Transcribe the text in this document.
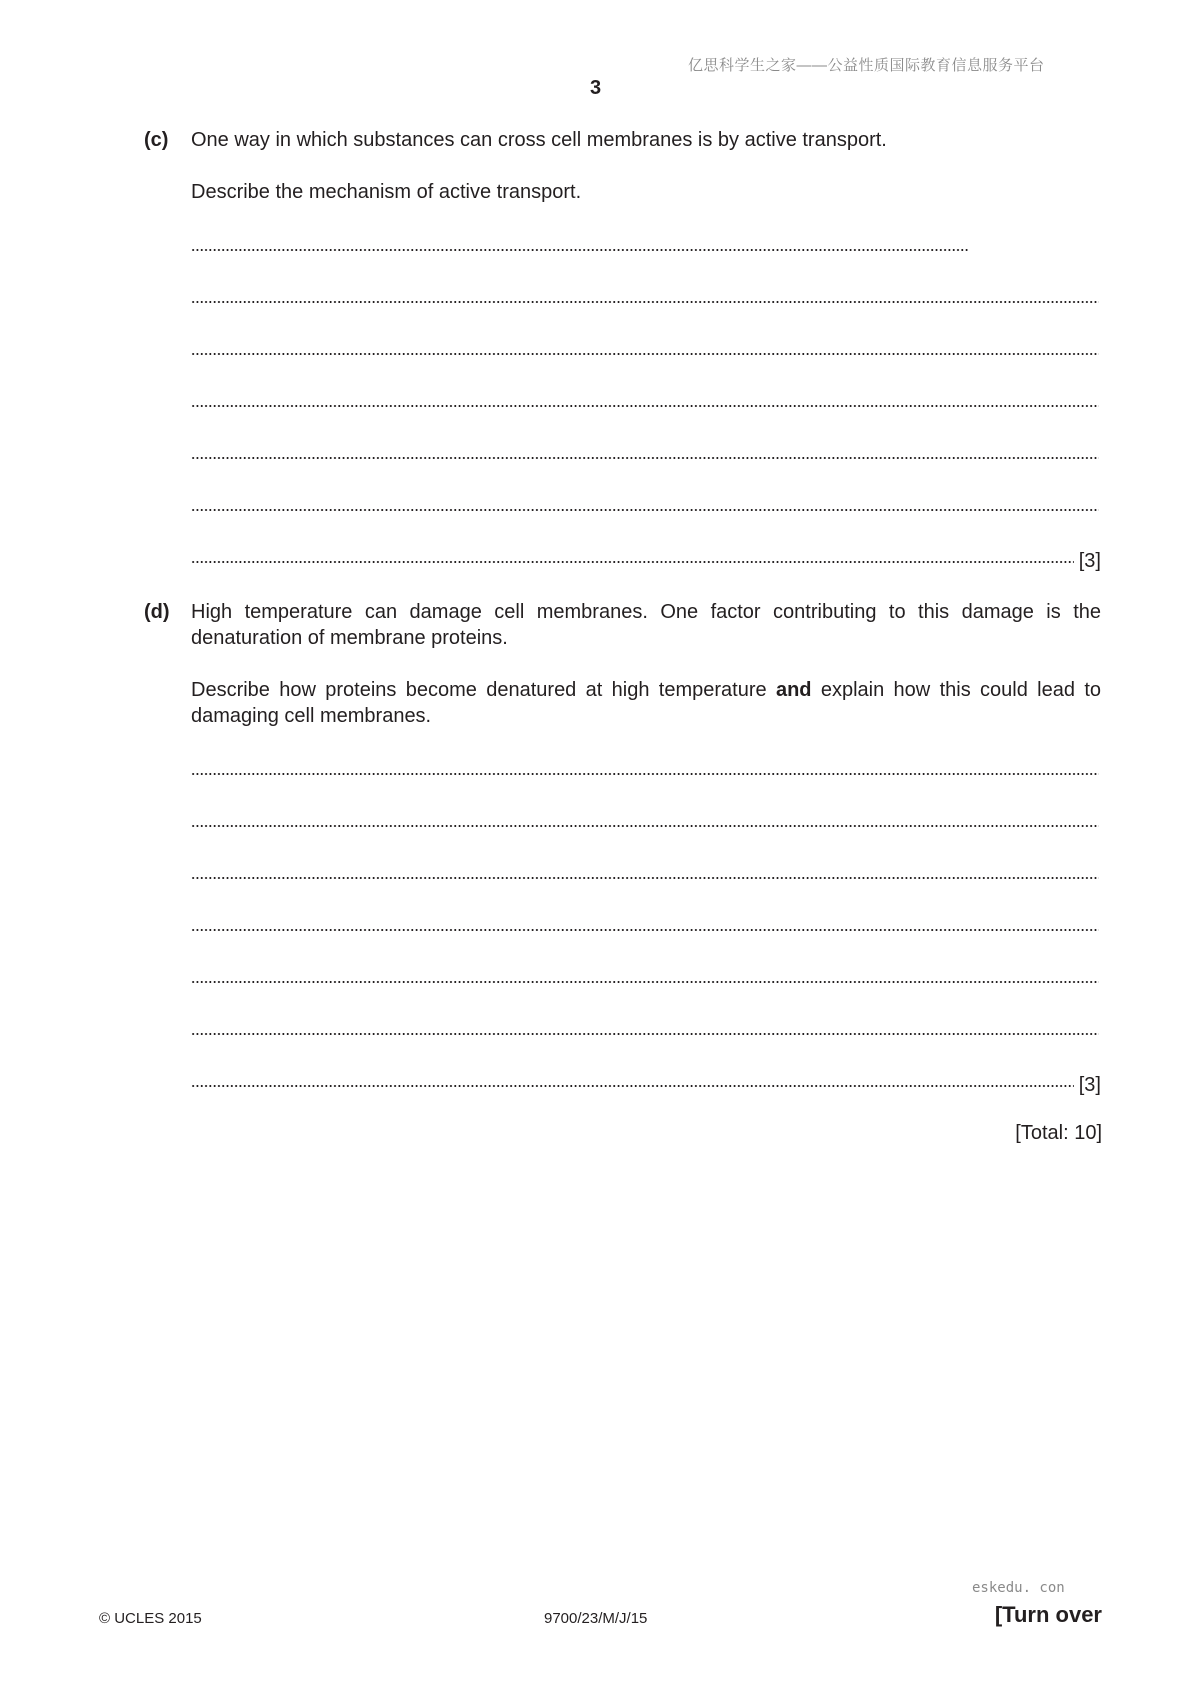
亿思科学生之家——公益性质国际教育信息服务平台
3
(c) One way in which substances can cross cell membranes is by active transport.

Describe the mechanism of active transport.

[3]
(d) High temperature can damage cell membranes. One factor contributing to this damage is the denaturation of membrane proteins.

Describe how proteins become denatured at high temperature and explain how this could lead to damaging cell membranes.

[3]
[Total: 10]
eskedu. con
© UCLES 2015	9700/23/M/J/15	[Turn over
